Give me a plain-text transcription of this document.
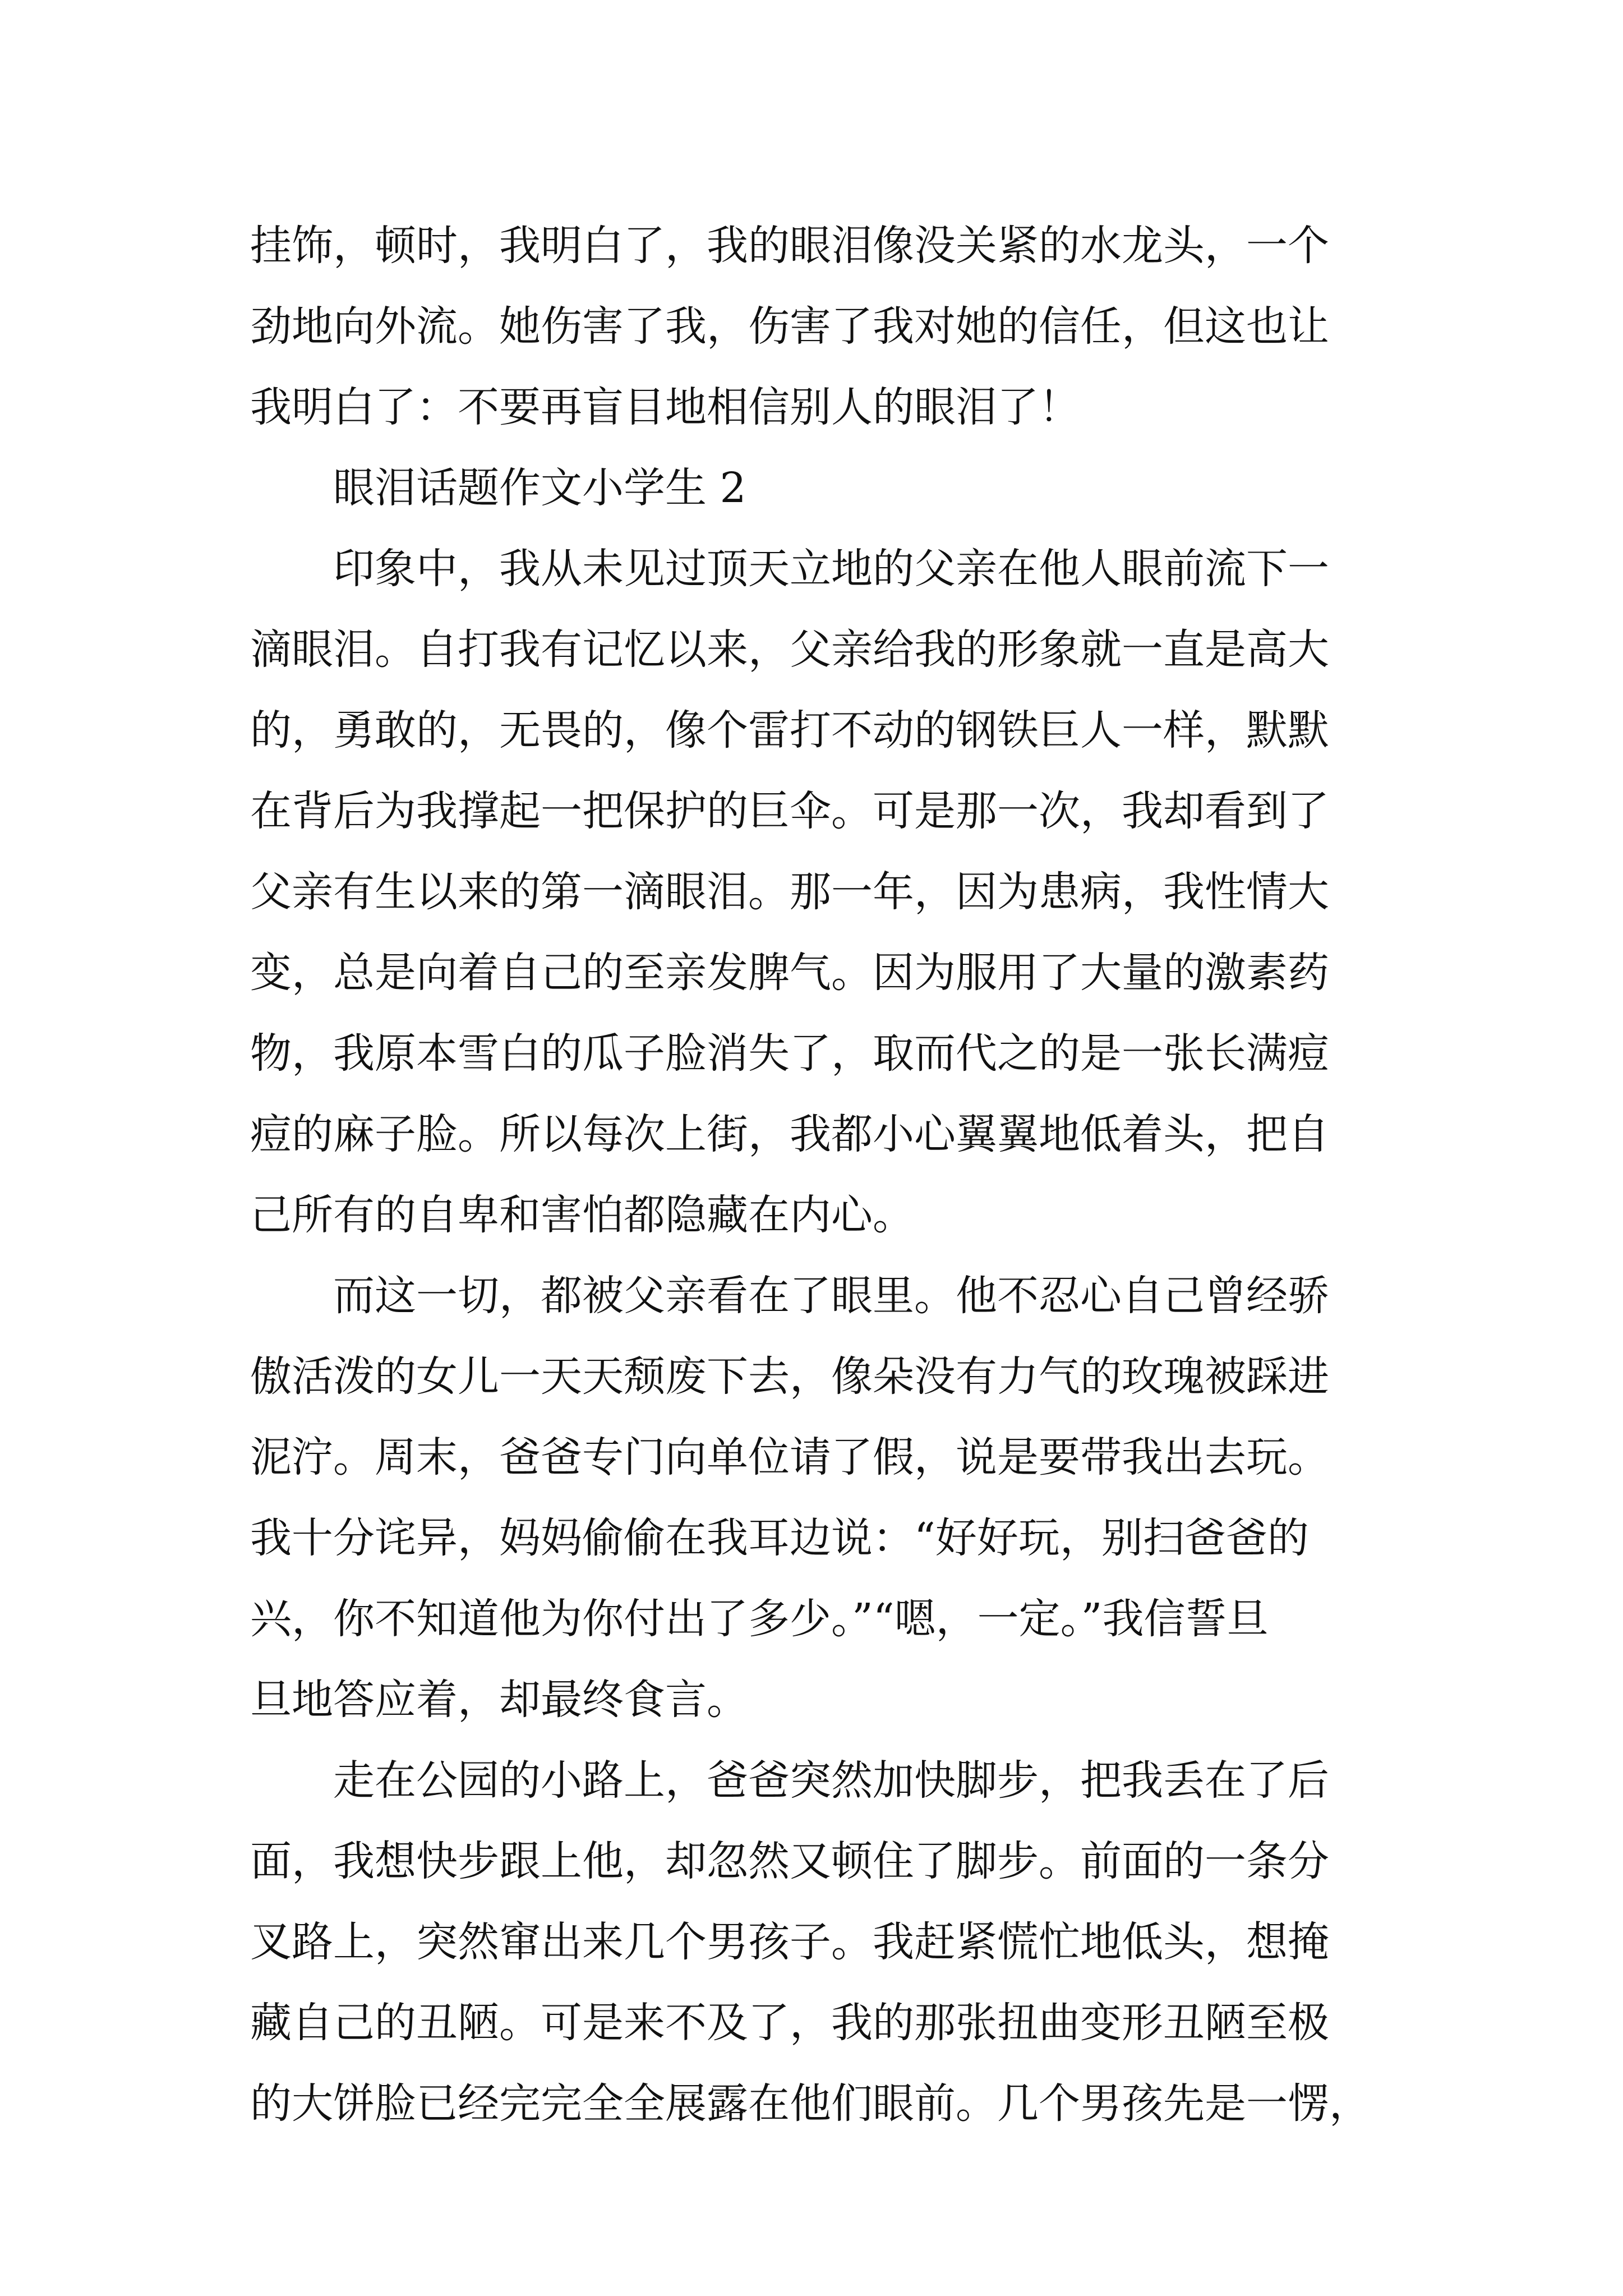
挂饰，顿时，我明白了，我的眼泪像没关紧的水龙头，一个
劲地向外流。她伤害了我，伤害了我对她的信任，但这也让
我明白了：不要再盲目地相信别人的眼泪了！
眼泪话题作文小学生 2
印象中，我从未见过顶天立地的父亲在他人眼前流下一
滴眼泪。自打我有记忆以来，父亲给我的形象就一直是高大
的，勇敢的，无畏的，像个雷打不动的钢铁巨人一样，默默
在背后为我撑起一把保护的巨伞。可是那一次，我却看到了
父亲有生以来的第一滴眼泪。那一年，因为患病，我性情大
变，总是向着自己的至亲发脾气。因为服用了大量的激素药
物，我原本雪白的瓜子脸消失了，取而代之的是一张长满痘
痘的麻子脸。所以每次上街，我都小心翼翼地低着头，把自
己所有的自卑和害怕都隐藏在内心。
而这一切，都被父亲看在了眼里。他不忍心自己曾经骄
傲活泼的女儿一天天颓废下去，像朵没有力气的玫瑰被踩进
泥泞。周末，爸爸专门向单位请了假，说是要带我出去玩。
我十分诧异，妈妈偷偷在我耳边说：“好好玩，别扫爸爸的
兴，你不知道他为你付出了多少。”“嗯，一定。”我信誓旦
旦地答应着，却最终食言。
走在公园的小路上，爸爸突然加快脚步，把我丢在了后
面，我想快步跟上他，却忽然又顿住了脚步。前面的一条分
叉路上，突然窜出来几个男孩子。我赶紧慌忙地低头，想掩
藏自己的丑陋。可是来不及了，我的那张扭曲变形丑陋至极
的大饼脸已经完完全全展露在他们眼前。几个男孩先是一愣，
